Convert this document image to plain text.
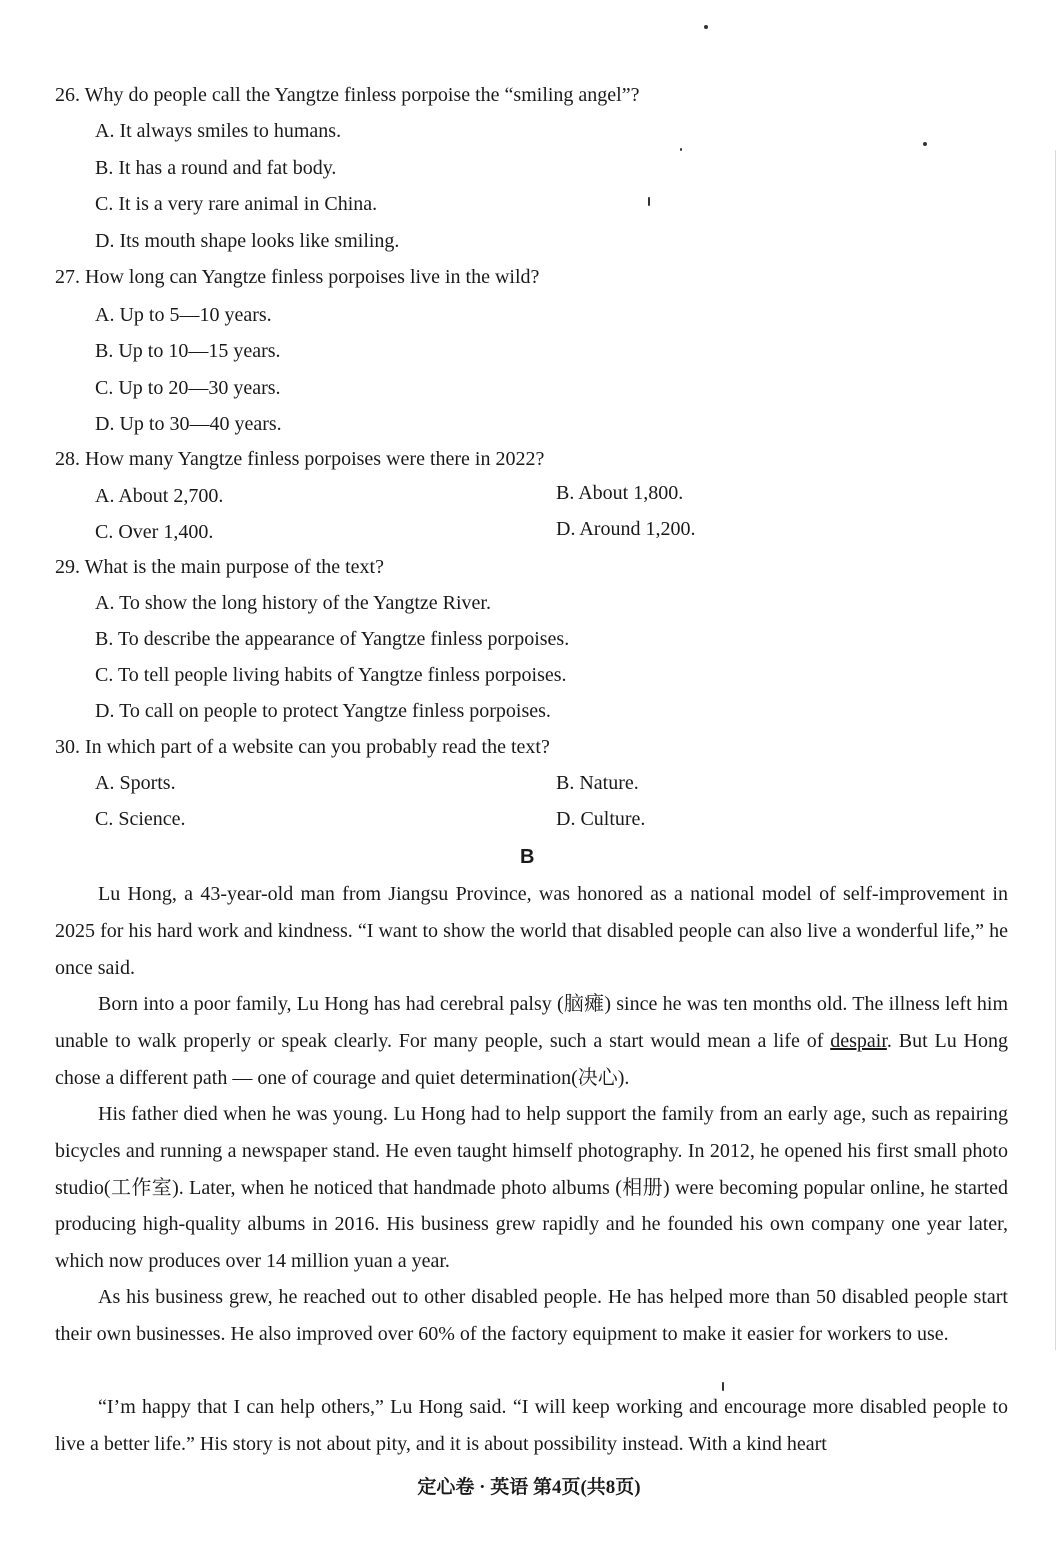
26. Why do people call the Yangtze finless porpoise the “smiling angel”?
A. It always smiles to humans.
B. It has a round and fat body.
C. It is a very rare animal in China.
D. Its mouth shape looks like smiling.
27. How long can Yangtze finless porpoises live in the wild?
A. Up to 5—10 years.
B. Up to 10—15 years.
C. Up to 20—30 years.
D. Up to 30—40 years.
28. How many Yangtze finless porpoises were there in 2022?
A. About 2,700.	B. About 1,800.
C. Over 1,400.	D. Around 1,200.
29. What is the main purpose of the text?
A. To show the long history of the Yangtze River.
B. To describe the appearance of Yangtze finless porpoises.
C. To tell people living habits of Yangtze finless porpoises.
D. To call on people to protect Yangtze finless porpoises.
30. In which part of a website can you probably read the text?
A. Sports.	B. Nature.
C. Science.	D. Culture.
B

Lu Hong, a 43-year-old man from Jiangsu Province, was honored as a national model of self-improvement in 2025 for his hard work and kindness. “I want to show the world that disabled people can also live a wonderful life,” he once said.

Born into a poor family, Lu Hong has had cerebral palsy (脑瘫) since he was ten months old. The illness left him unable to walk properly or speak clearly. For many people, such a start would mean a life of despair. But Lu Hong chose a different path — one of courage and quiet determination(决心).

His father died when he was young. Lu Hong had to help support the family from an early age, such as repairing bicycles and running a newspaper stand. He even taught himself photography. In 2012, he opened his first small photo studio(工作室). Later, when he noticed that handmade photo albums (相册) were becoming popular online, he started producing high-quality albums in 2016. His business grew rapidly and he founded his own company one year later, which now produces over 14 million yuan a year.

As his business grew, he reached out to other disabled people. He has helped more than 50 disabled people start their own businesses. He also improved over 60% of the factory equipment to make it easier for workers to use.

“I’m happy that I can help others,” Lu Hong said. “I will keep working and encourage more disabled people to live a better life.” His story is not about pity, and it is about possibility instead. With a kind heart

定心卷 · 英语 第4页(共8页)
